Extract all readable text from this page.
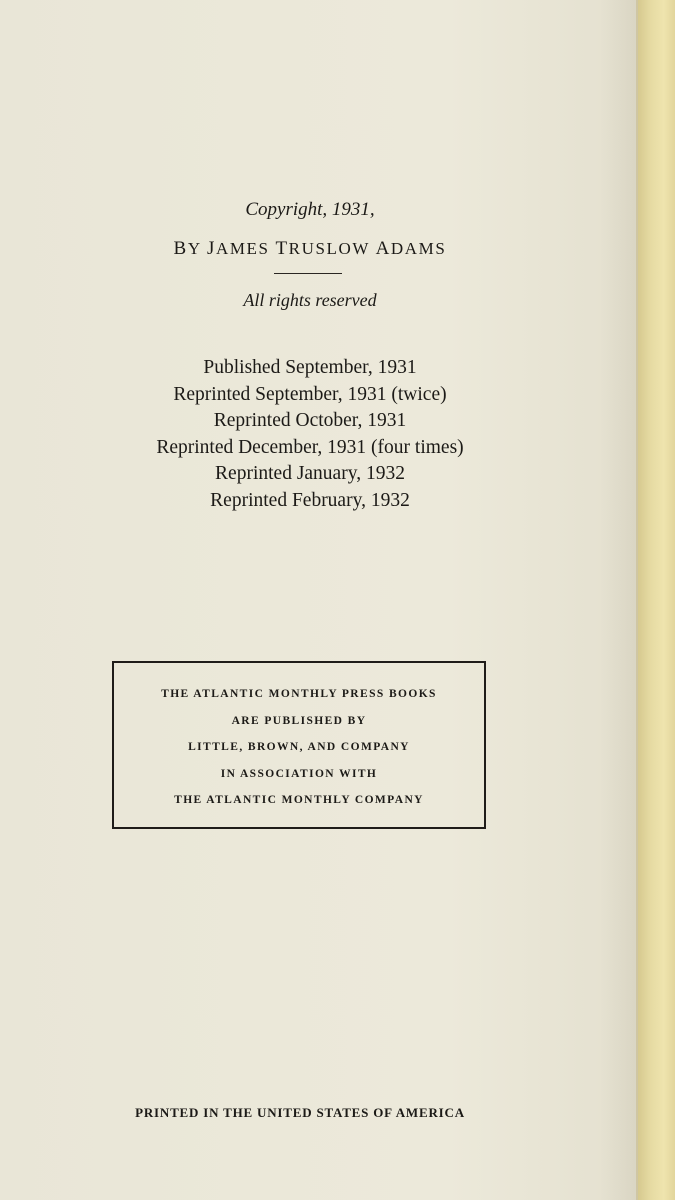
Copyright, 1931,
BY JAMES TRUSLOW ADAMS
All rights reserved
Published September, 1931
Reprinted September, 1931 (twice)
Reprinted October, 1931
Reprinted December, 1931 (four times)
Reprinted January, 1932
Reprinted February, 1932
THE ATLANTIC MONTHLY PRESS BOOKS
ARE PUBLISHED BY
LITTLE, BROWN, AND COMPANY
IN ASSOCIATION WITH
THE ATLANTIC MONTHLY COMPANY
PRINTED IN THE UNITED STATES OF AMERICA
